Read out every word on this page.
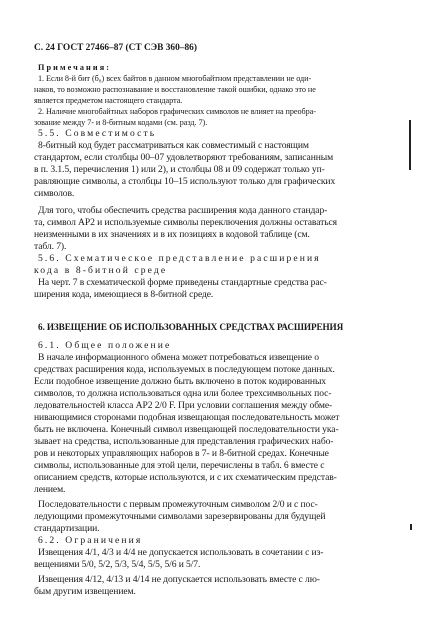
С. 24 ГОСТ 27466–87 (СТ СЭВ 360–86)
Примечания:
1. Если 8-й бит (б₈) всех байтов в данном многобайтном представлении не оди-
наков, то возможно распознавание и восстановление такой ошибки, однако это не
является предметом настоящего стандарта.
2. Наличие многобайтных наборов графических символов не влияет на преобра-
зование между 7- и 8-битным кодами (см. разд. 7).
5.5. Совместимость
8-битный код будет рассматриваться как совместимый с настоящим
стандартом, если столбцы 00–07 удовлетворяют требованиям, записанным
в п. 3.1.5, перечисления 1) или 2), и столбцы 08 и 09 содержат только уп-
равляющие символы, а столбцы 10–15 используют только для графических
символов.
Для того, чтобы обеспечить средства расширения кода данного стандар-
та, символ АР2 и используемые символы переключения должны оставаться
неизменными в их значениях и в их позициях в кодовой таблице (см.
табл. 7).
5.6. Схематическое представление расширения
кода в 8-битной среде
На черт. 7 в схематической форме приведены стандартные средства рас-
ширения кода, имеющиеся в 8-битной среде.
6. ИЗВЕЩЕНИЕ ОБ ИСПОЛЬЗОВАННЫХ СРЕДСТВАХ РАСШИРЕНИЯ
6.1. Общее положение
В начале информационного обмена может потребоваться извещение о
средствах расширения кода, используемых в последующем потоке данных.
Если подобное извещение должно быть включено в поток кодированных
символов, то должна использоваться одна или более трехсимвольных пос-
ледовательностей класса АР2 2/0 F. При условии соглашения между обме-
нивающимися сторонами подобная извещающая последовательность может
быть не включена. Конечный символ извещающей последовательности ука-
зывает на средства, использованные для представления графических набо-
ров и некоторых управляющих наборов в 7- и 8-битной средах. Конечные
символы, использованные для этой цели, перечислены в табл. 6 вместе с
описанием средств, которые используются, и с их схематическим представ-
лением.
Последовательности с первым промежуточным символом 2/0 и с пос-
ледующими промежуточными символами зарезервированы для будущей
стандартизации.
6.2. Ограничения
Извещения 4/1, 4/3 и 4/4 не допускается использовать в сочетании с из-
вещениями 5/0, 5/2, 5/3, 5/4, 5/5, 5/6 и 5/7.
Извещения 4/12, 4/13 и 4/14 не допускается использовать вместе с лю-
бым другим извещением.
